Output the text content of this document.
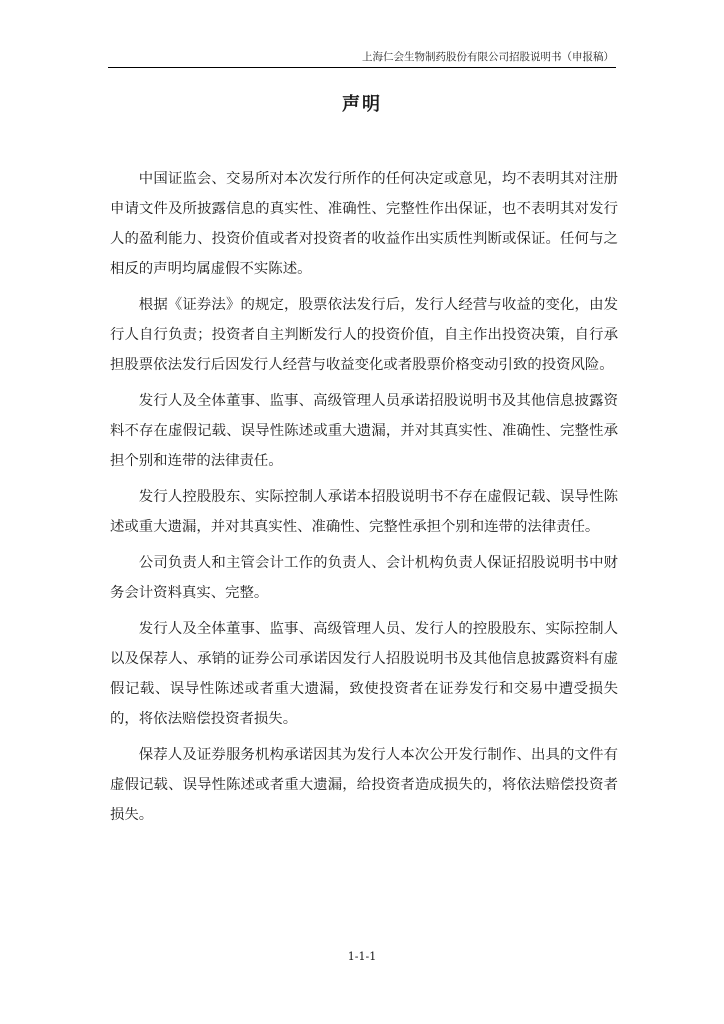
上海仁会生物制药股份有限公司招股说明书（申报稿）
声明

中国证监会、交易所对本次发行所作的任何决定或意见，均不表明其对注册申请文件及所披露信息的真实性、准确性、完整性作出保证，也不表明其对发行人的盈利能力、投资价值或者对投资者的收益作出实质性判断或保证。任何与之相反的声明均属虚假不实陈述。

根据《证券法》的规定，股票依法发行后，发行人经营与收益的变化，由发行人自行负责；投资者自主判断发行人的投资价值，自主作出投资决策，自行承担股票依法发行后因发行人经营与收益变化或者股票价格变动引致的投资风险。

发行人及全体董事、监事、高级管理人员承诺招股说明书及其他信息披露资料不存在虚假记载、误导性陈述或重大遗漏，并对其真实性、准确性、完整性承担个别和连带的法律责任。

发行人控股股东、实际控制人承诺本招股说明书不存在虚假记载、误导性陈述或重大遗漏，并对其真实性、准确性、完整性承担个别和连带的法律责任。

公司负责人和主管会计工作的负责人、会计机构负责人保证招股说明书中财务会计资料真实、完整。

发行人及全体董事、监事、高级管理人员、发行人的控股股东、实际控制人以及保荐人、承销的证券公司承诺因发行人招股说明书及其他信息披露资料有虚假记载、误导性陈述或者重大遗漏，致使投资者在证券发行和交易中遭受损失的，将依法赔偿投资者损失。

保荐人及证券服务机构承诺因其为发行人本次公开发行制作、出具的文件有虚假记载、误导性陈述或者重大遗漏，给投资者造成损失的，将依法赔偿投资者损失。

1-1-1
